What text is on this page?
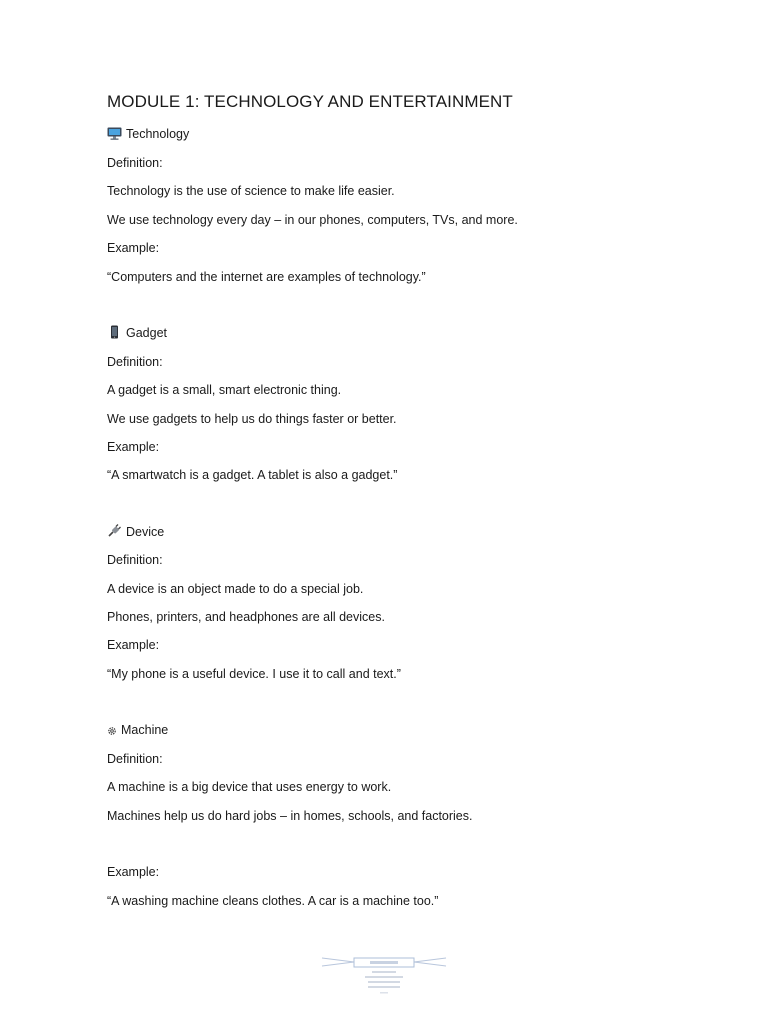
MODULE 1: TECHNOLOGY AND ENTERTAINMENT
Technology
Definition:
Technology is the use of science to make life easier.
We use technology every day – in our phones, computers, TVs, and more.
Example:
“Computers and the internet are examples of technology.”
Gadget
Definition:
A gadget is a small, smart electronic thing.
We use gadgets to help us do things faster or better.
Example:
“A smartwatch is a gadget. A tablet is also a gadget.”
Device
Definition:
A device is an object made to do a special job.
Phones, printers, and headphones are all devices.
Example:
“My phone is a useful device. I use it to call and text.”
Machine
Definition:
A machine is a big device that uses energy to work.
Machines help us do hard jobs – in homes, schools, and factories.
Example:
“A washing machine cleans clothes. A car is a machine too.”
